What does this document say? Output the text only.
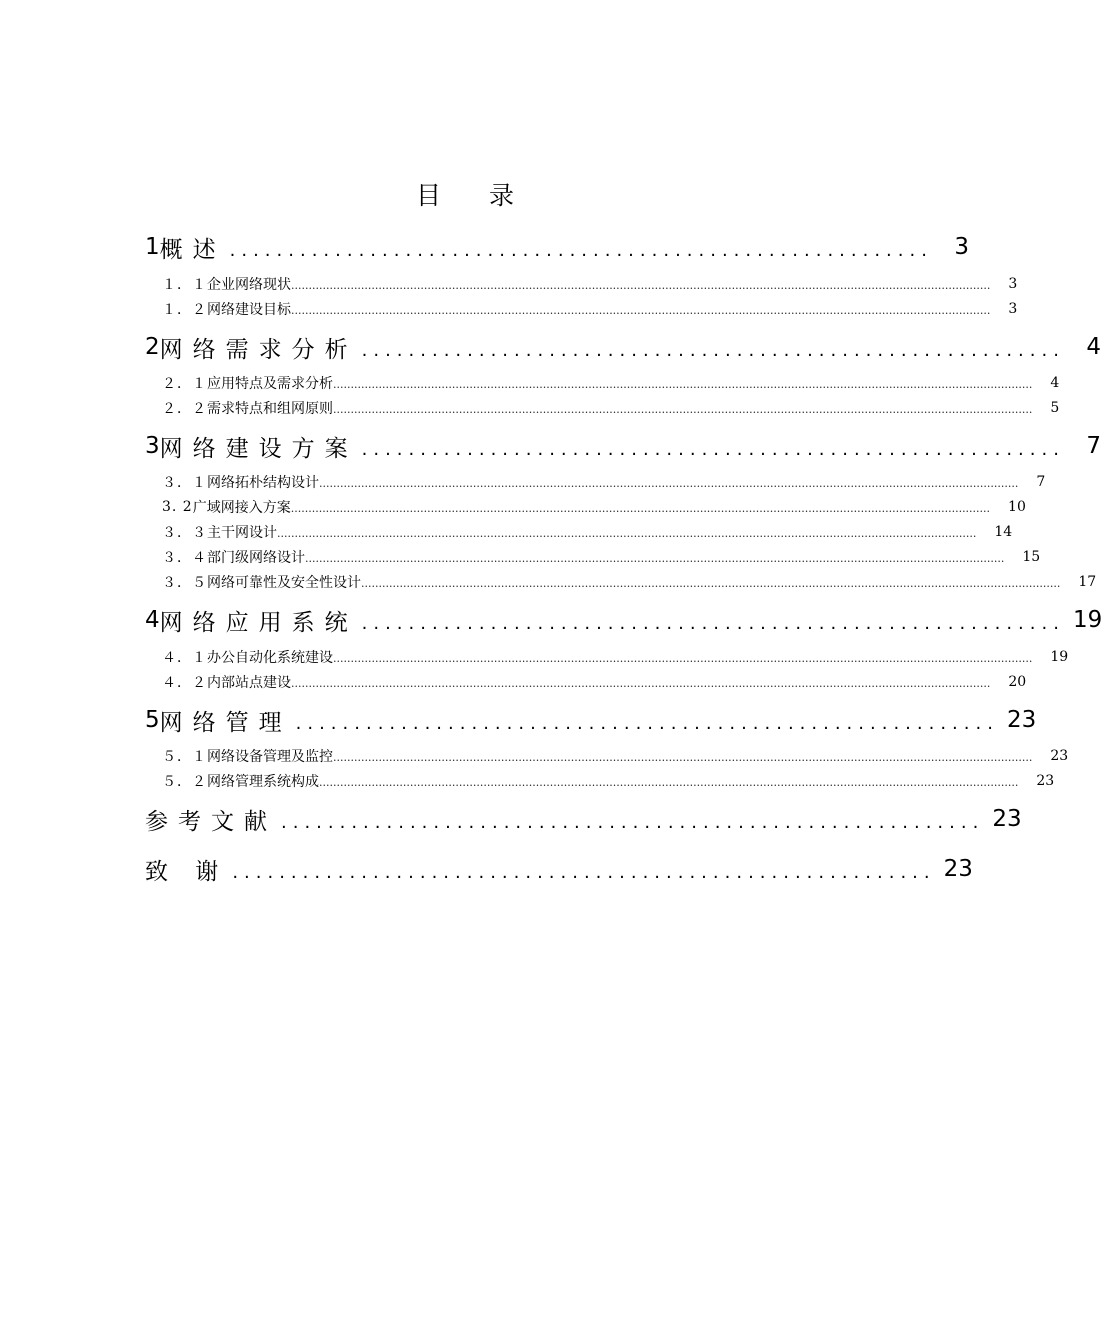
目 录
1 概述 ............................................................ 3
１．１ 企业网络现状 ........................................................................................................................................................................................................	3
１．２ 网络建设目标 ........................................................................................................................................................................................................	3
2 网络需求分析 ............................................................ 4
２．１ 应用特点及需求分析 ........................................................................................................................................................................................................	4
２．２ 需求特点和组网原则 ........................................................................................................................................................................................................	5
3 网络建设方案 ............................................................ 7
３．１ 网络拓朴结构设计 ........................................................................................................................................................................................................	7
3. 2 广域网接入方案 ........................................................................................................................................................................................................	10
３．３ 主干网设计 ........................................................................................................................................................................................................	14
３．４ 部门级网络设计 ........................................................................................................................................................................................................	15
３．５ 网络可靠性及安全性设计 ........................................................................................................................................................................................................	17
4 网络应用系统 ............................................................ 19
４．１ 办公自动化系统建设 ........................................................................................................................................................................................................	19
４．２ 内部站点建设 ........................................................................................................................................................................................................	20
5 网络管理 ............................................................ 23
５．１ 网络设备管理及监控 ........................................................................................................................................................................................................	23
５．２ 网络管理系统构成 ........................................................................................................................................................................................................	23
参考文献 ............................................................ 23
致 谢 ............................................................ 23
